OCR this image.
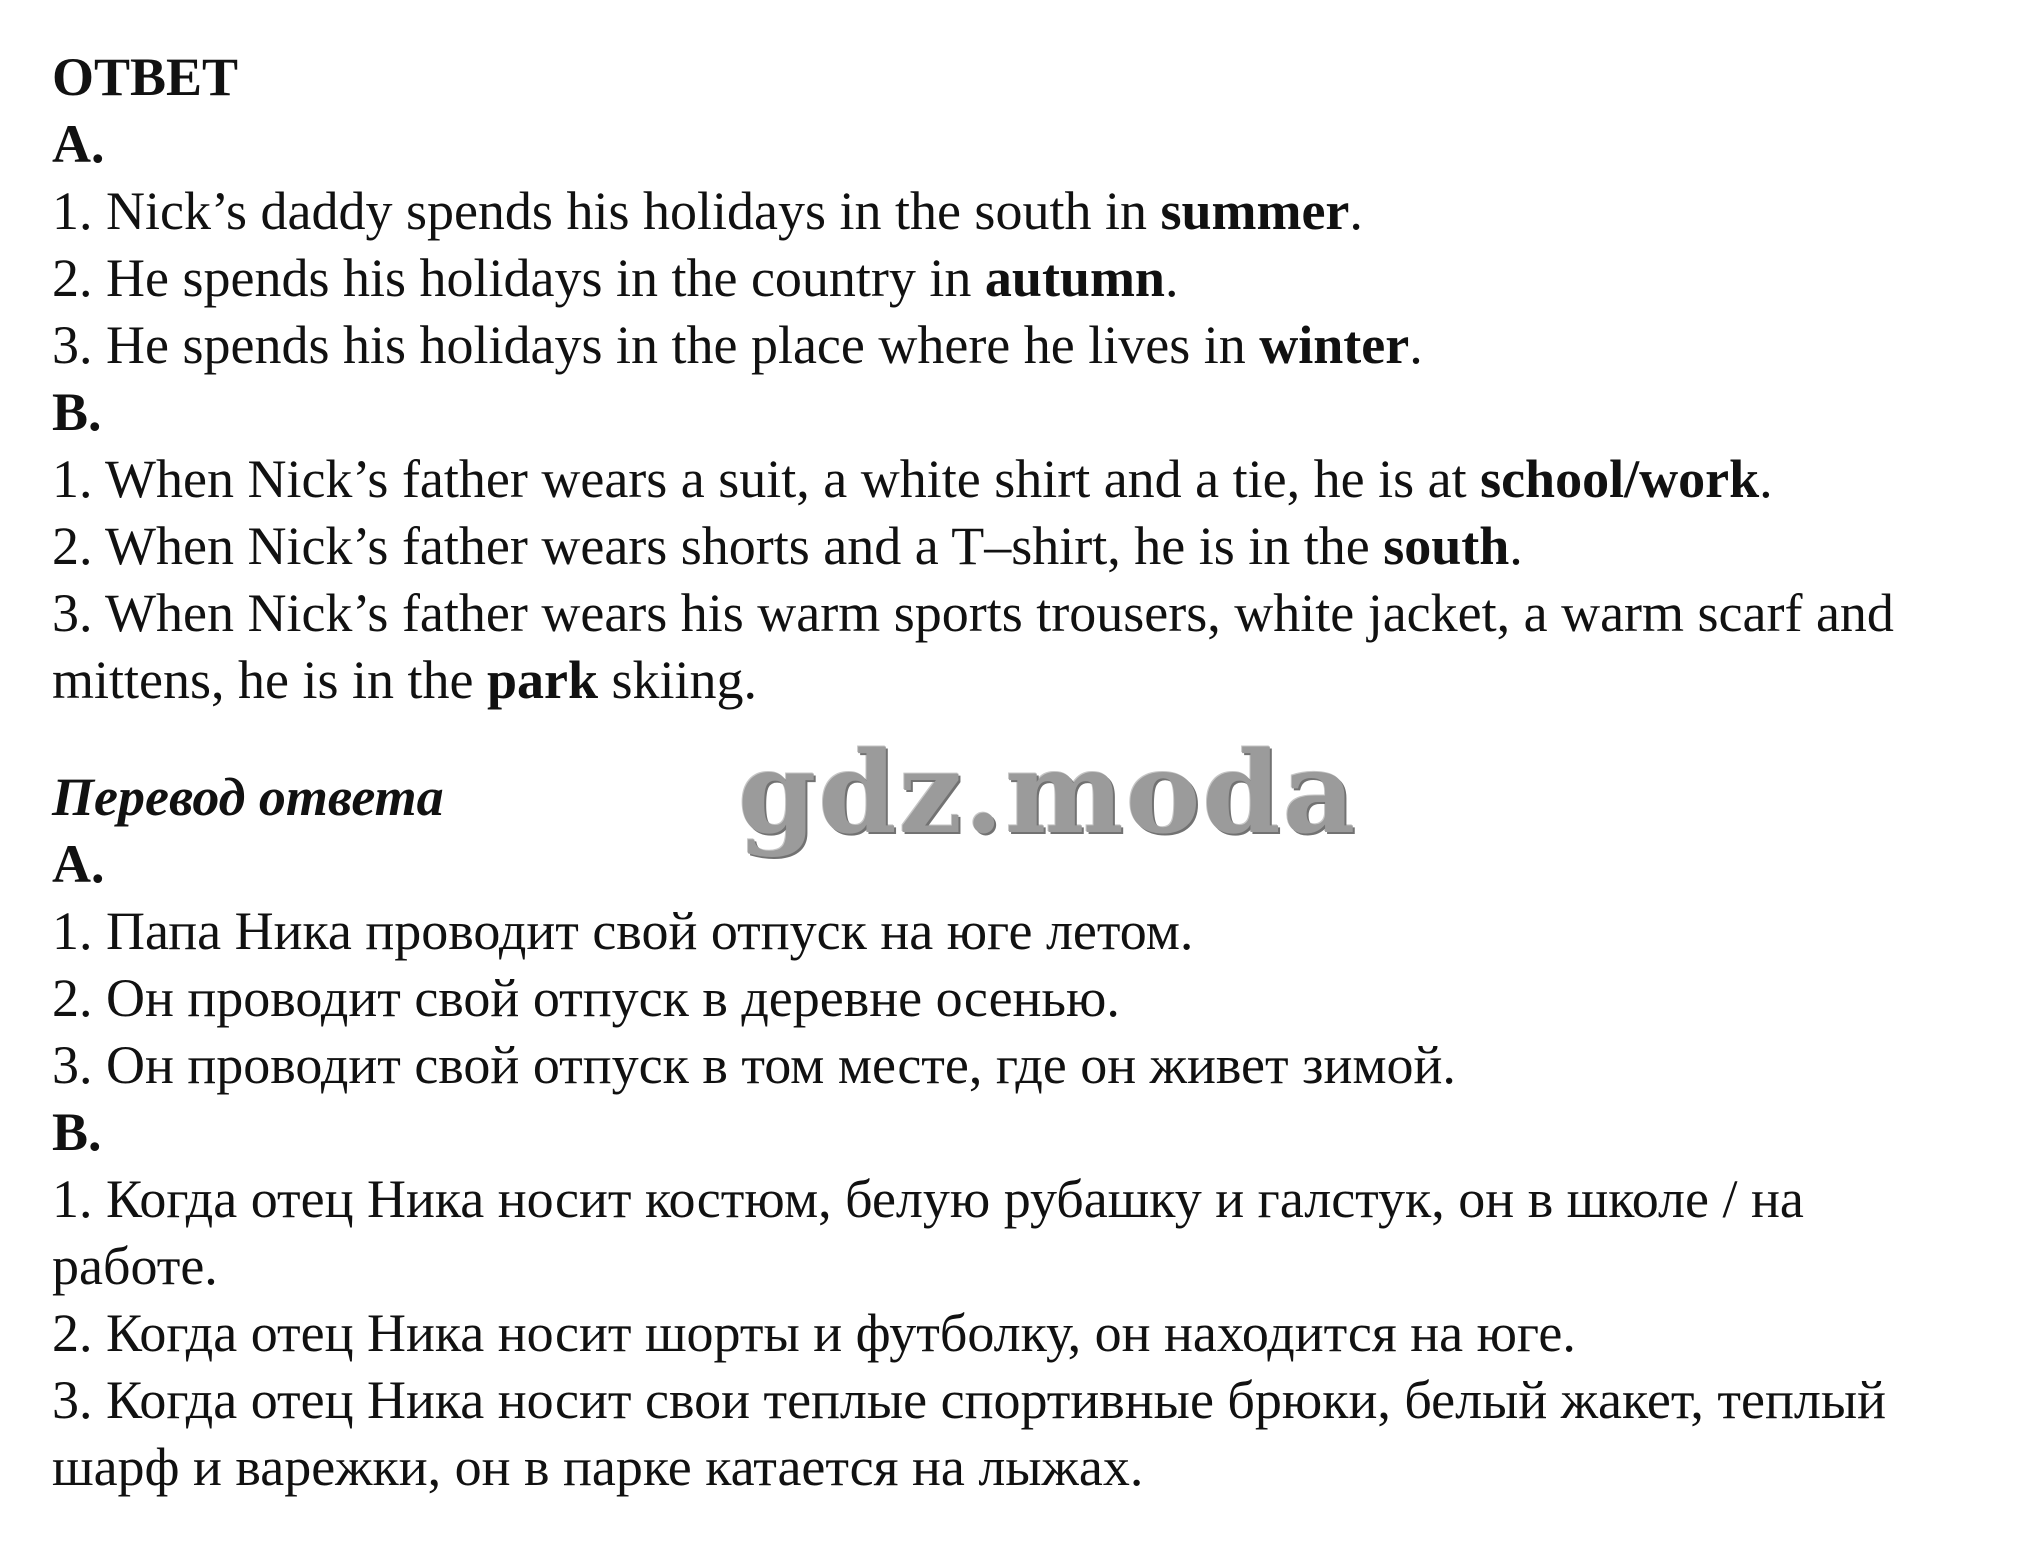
ОТВЕТ
A.
1. Nick’s daddy spends his holidays in the south in summer.
2. He spends his holidays in the country in autumn.
3. He spends his holidays in the place where he lives in winter.
B.
1. When Nick’s father wears a suit, a white shirt and a tie, he is at school/work.
2. When Nick’s father wears shorts and a T–shirt, he is in the south.
3. When Nick’s father wears his warm sports trousers, white jacket, a warm scarf and mittens, he is in the park skiing.
Перевод ответа
A.
1. Папа Ника проводит свой отпуск на юге летом.
2. Он проводит свой отпуск в деревне осенью.
3. Он проводит свой отпуск в том месте, где он живет зимой.
B.
1. Когда отец Ника носит костюм, белую рубашку и галстук, он в школе / на работе.
2. Когда отец Ника носит шорты и футболку, он находится на юге.
3. Когда отец Ника носит свои теплые спортивные брюки, белый жакет, теплый шарф и варежки, он в парке катается на лыжах.
gdz.moda
